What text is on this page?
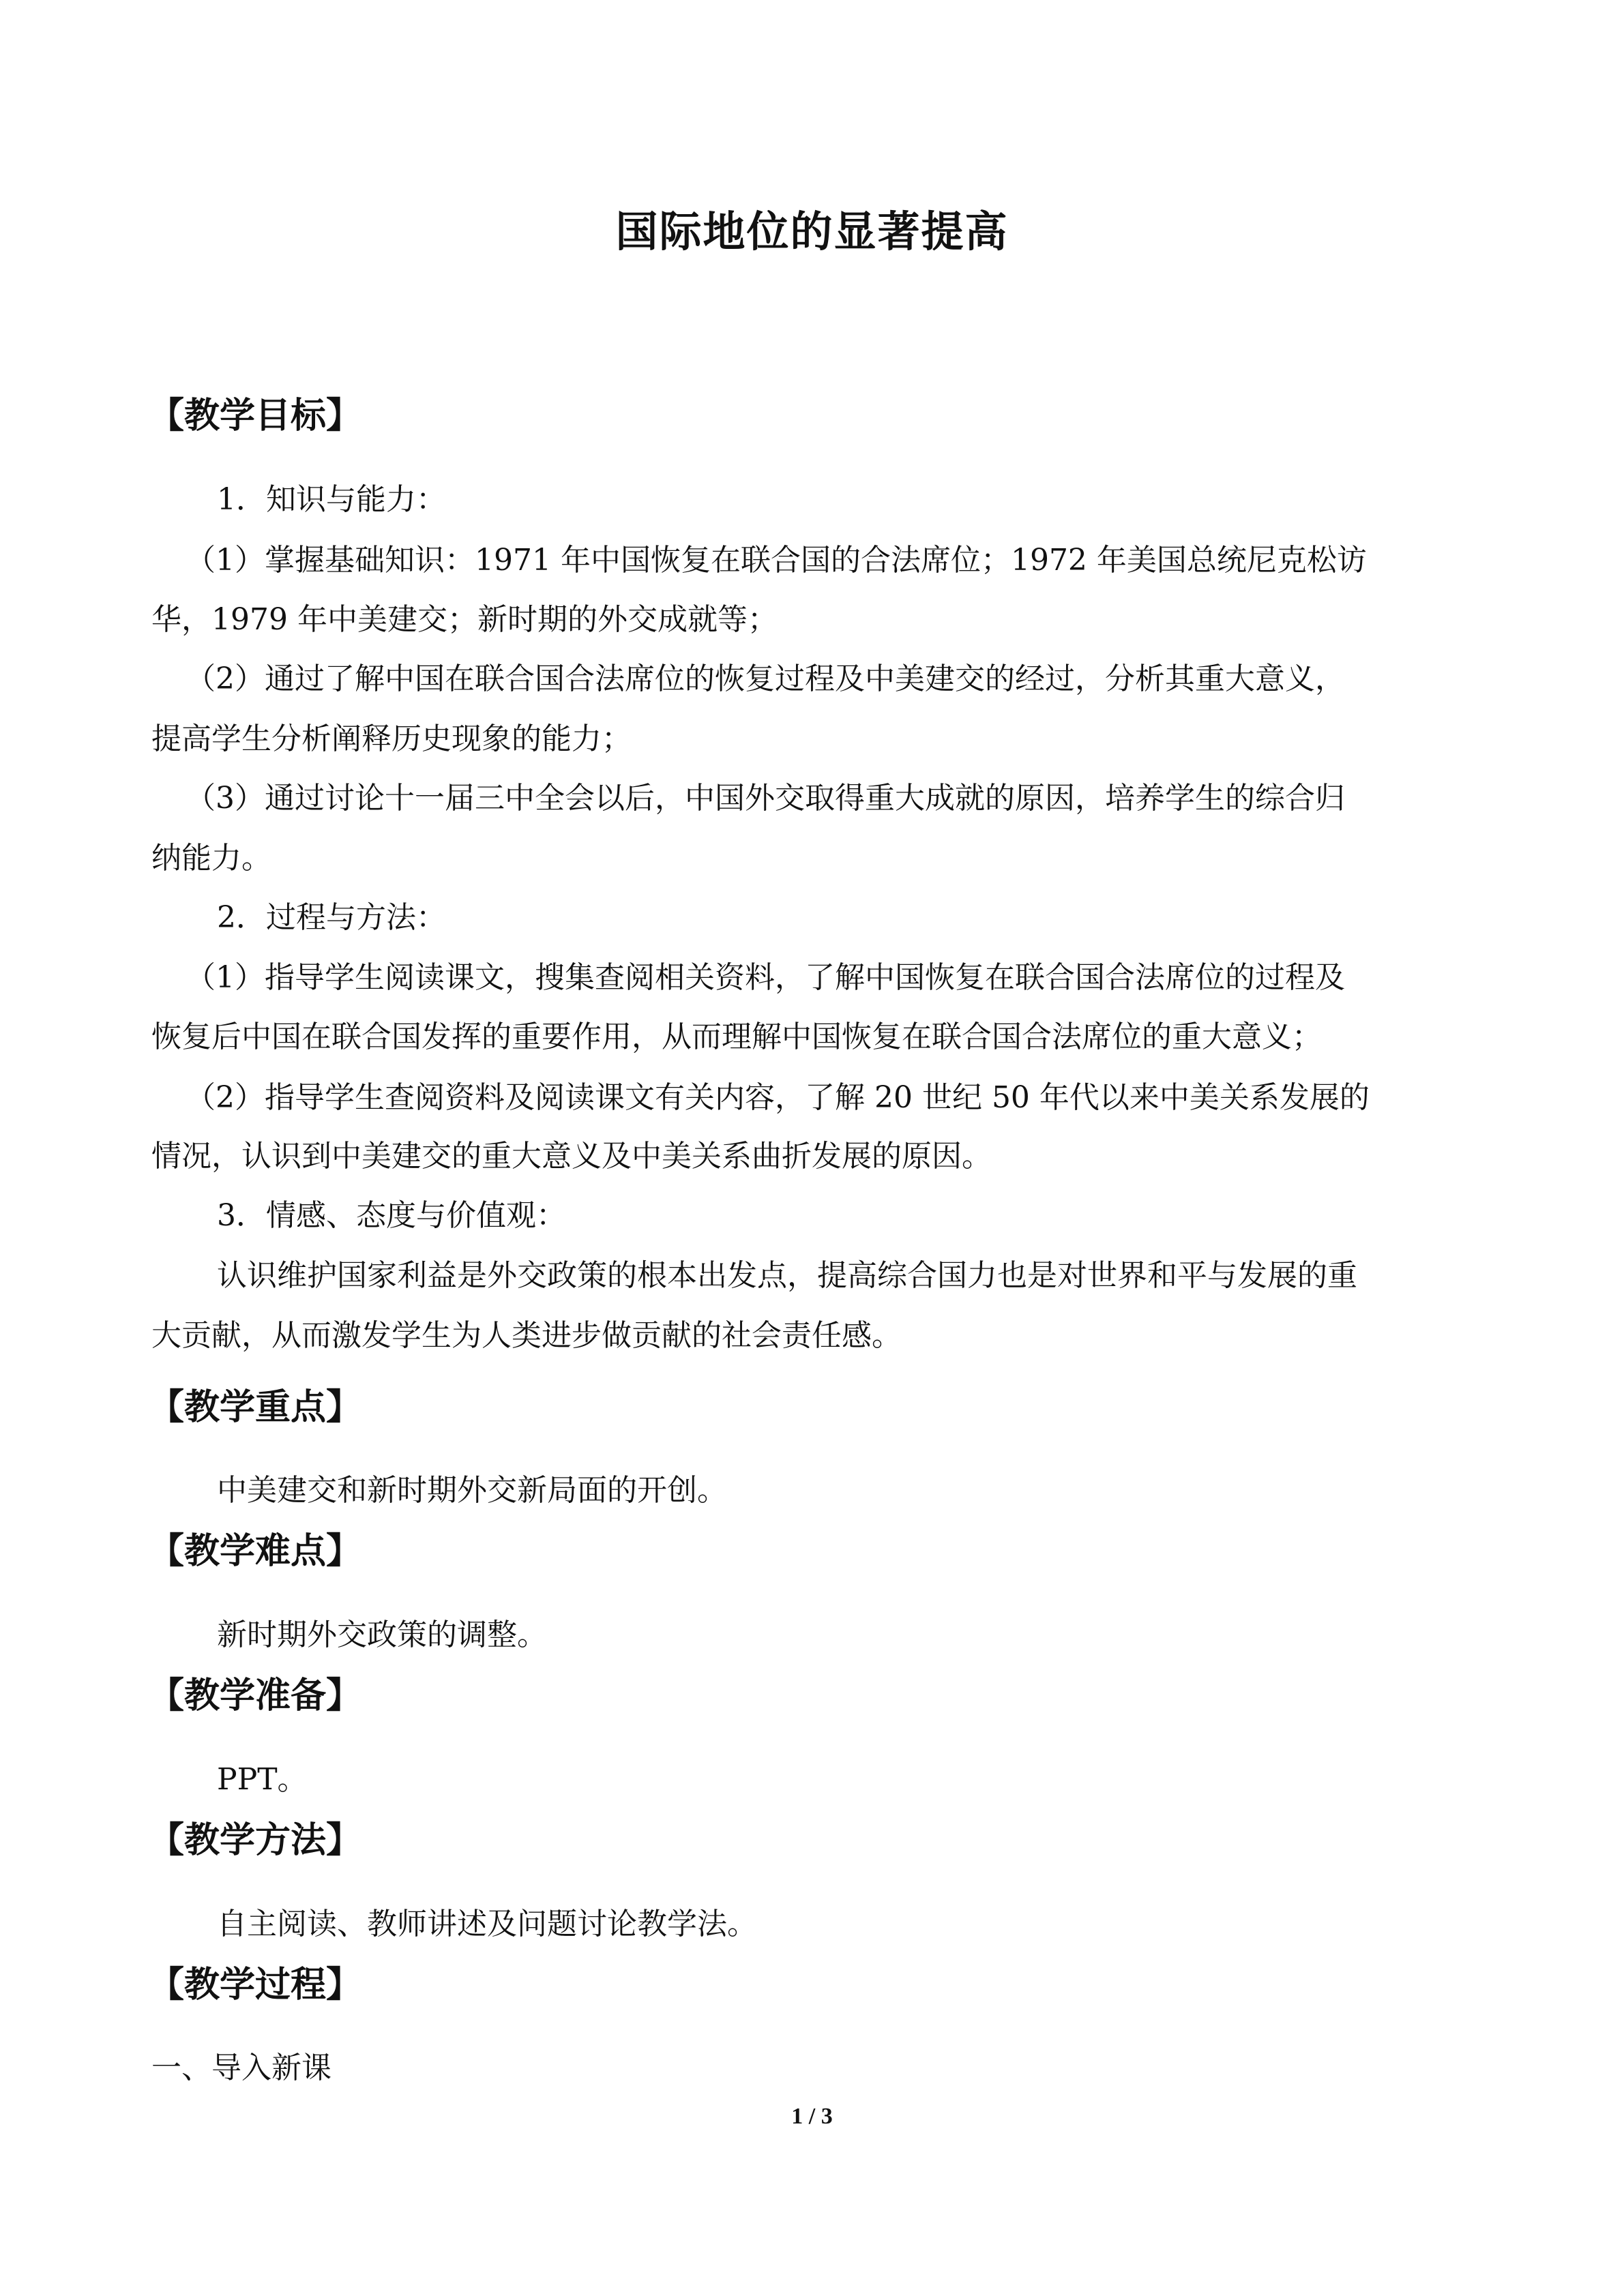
国际地位的显著提高
【教学目标】
1．知识与能力：
（1）掌握基础知识：1971 年中国恢复在联合国的合法席位；1972 年美国总统尼克松访
华，1979 年中美建交；新时期的外交成就等；
（2）通过了解中国在联合国合法席位的恢复过程及中美建交的经过，分析其重大意义，
提高学生分析阐释历史现象的能力；
（3）通过讨论十一届三中全会以后，中国外交取得重大成就的原因，培养学生的综合归
纳能力。
2．过程与方法：
（1）指导学生阅读课文，搜集查阅相关资料，了解中国恢复在联合国合法席位的过程及
恢复后中国在联合国发挥的重要作用，从而理解中国恢复在联合国合法席位的重大意义；
（2）指导学生查阅资料及阅读课文有关内容，了解 20 世纪 50 年代以来中美关系发展的
情况，认识到中美建交的重大意义及中美关系曲折发展的原因。
3．情感、态度与价值观：
认识维护国家利益是外交政策的根本出发点，提高综合国力也是对世界和平与发展的重
大贡献，从而激发学生为人类进步做贡献的社会责任感。
【教学重点】
中美建交和新时期外交新局面的开创。
【教学难点】
新时期外交政策的调整。
【教学准备】
PPT。
【教学方法】
自主阅读、教师讲述及问题讨论教学法。
【教学过程】
一、导入新课
1 / 3
